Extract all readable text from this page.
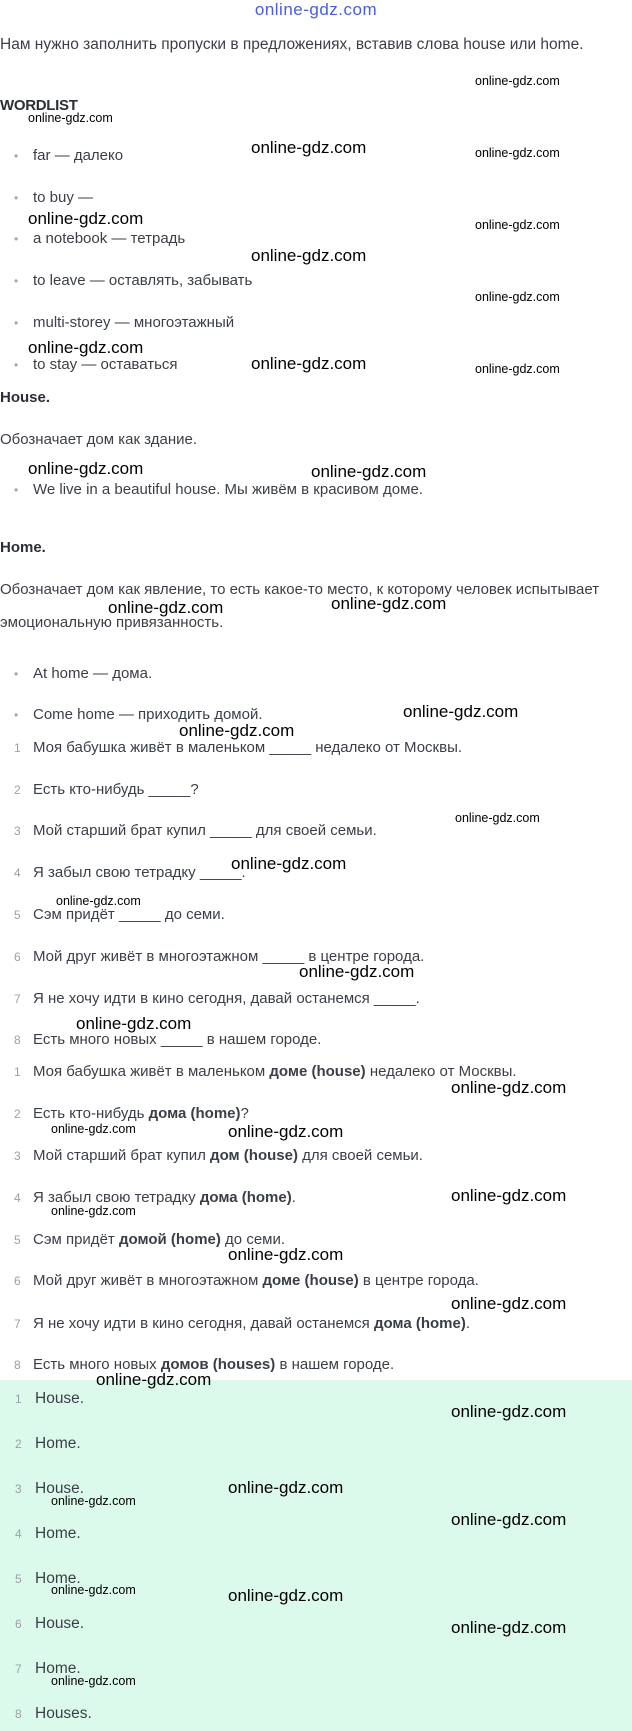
online-gdz.com
Нам нужно заполнить пропуски в предложениях, вставив слова house или home.
WORDLIST
• far — далеко
• to buy —
• a notebook — тетрадь
• to leave — оставлять, забывать
• multi-storey — многоэтажный
• to stay — оставаться
House.
Обозначает дом как здание.
• We live in a beautiful house. Мы живём в красивом доме.
Home.
Обозначает дом как явление, то есть какое-то место, к которому человек испытывает эмоциональную привязанность.
• At home — дома.
• Come home — приходить домой.
1 Моя бабушка живёт в маленьком _____ недалеко от Москвы.
2 Есть кто-нибудь _____?
3 Мой старший брат купил _____ для своей семьи.
4 Я забыл свою тетрадку _____.
5 Сэм придёт _____ до семи.
6 Мой друг живёт в многоэтажном _____ в центре города.
7 Я не хочу идти в кино сегодня, давай останемся _____.
8 Есть много новых _____ в нашем городе.
1 Моя бабушка живёт в маленьком доме (house) недалеко от Москвы.
2 Есть кто-нибудь дома (home)?
3 Мой старший брат купил дом (house) для своей семьи.
4 Я забыл свою тетрадку дома (home).
5 Сэм придёт домой (home) до семи.
6 Мой друг живёт в многоэтажном доме (house) в центре города.
7 Я не хочу идти в кино сегодня, давай останемся дома (home).
8 Есть много новых домов (houses) в нашем городе.
1 House.
2 Home.
3 House.
4 Home.
5 Home.
6 House.
7 Home.
8 Houses.
online-gdz.com
online-gdz.com
online-gdz.com	online-gdz.com
online-gdz.com	online-gdz.com
online-gdz.com
online-gdz.com
online-gdz.com
online-gdz.com	online-gdz.com
online-gdz.com	online-gdz.com
online-gdz.com	online-gdz.com
online-gdz.com
online-gdz.com
online-gdz.com
online-gdz.com
online-gdz.com
online-gdz.com
online-gdz.com
online-gdz.com
online-gdz.com	online-gdz.com
online-gdz.com
online-gdz.com
online-gdz.com
online-gdz.com
online-gdz.com
online-gdz.com
online-gdz.com
online-gdz.com
online-gdz.com
online-gdz.com	online-gdz.com
online-gdz.com
online-gdz.com
